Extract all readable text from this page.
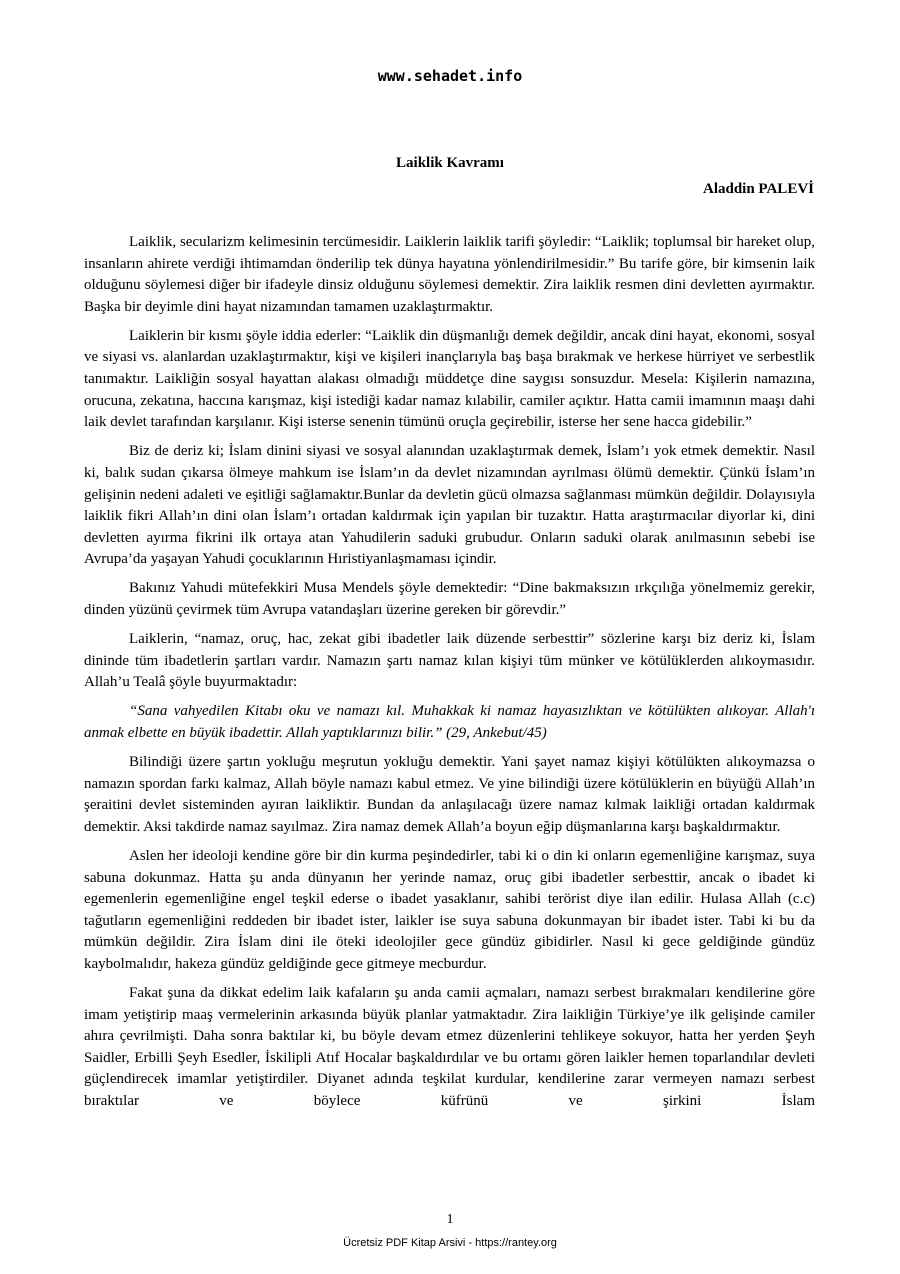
www.sehadet.info
Laiklik Kavramı
Aladdin PALEVİ

Laiklik, secularizm kelimesinin tercümesidir. Laiklerin laiklik tarifi şöyledir: “Laiklik; toplumsal bir hareket olup, insanların ahirete verdiği ihtimamdan önderilip tek dünya hayatına yönlendirilmesidir.” Bu tarife göre, bir kimsenin laik olduğunu söylemesi diğer bir ifadeyle dinsiz olduğunu söylemesi demektir. Zira laiklik resmen dini devletten ayırmaktır. Başka bir deyimle dini hayat nizamından tamamen uzaklaştırmaktır.

Laiklerin bir kısmı şöyle iddia ederler: “Laiklik din düşmanlığı demek değildir, ancak dini hayat, ekonomi, sosyal ve siyasi vs. alanlardan uzaklaştırmaktır, kişi ve kişileri inançlarıyla baş başa bırakmak ve herkese hürriyet ve serbestlik tanımaktır. Laikliğin sosyal hayattan alakası olmadığı müddetçe dine saygısı sonsuzdur. Mesela: Kişilerin namazına, orucuna, zekatına, haccına karışmaz, kişi istediği kadar namaz kılabilir, camiler açıktır. Hatta camii imamının maaşı dahi laik devlet tarafından karşılanır. Kişi isterse senenin tümünü oruçla geçirebilir, isterse her sene hacca gidebilir.”

Biz de deriz ki; İslam dinini siyasi ve sosyal alanından uzaklaştırmak demek, İslam’ı yok etmek demektir. Nasıl ki, balık sudan çıkarsa ölmeye mahkum ise İslam’ın da devlet nizamından ayrılması ölümü demektir. Çünkü İslam’ın gelişinin nedeni adaleti ve eşitliği sağlamaktır.Bunlar da devletin gücü olmazsa sağlanması mümkün değildir. Dolayısıyla laiklik fikri Allah’ın dini olan İslam’ı ortadan kaldırmak için yapılan bir tuzaktır. Hatta araştırmacılar diyorlar ki, dini devletten ayırma fikrini ilk ortaya atan Yahudilerin saduki grubudur. Onların saduki olarak anılmasının sebebi ise Avrupa’da yaşayan Yahudi çocuklarının Hıristiyanlaşmaması içindir.

Bakınız Yahudi mütefekkiri Musa Mendels şöyle demektedir: “Dine bakmaksızın ırkçılığa yönelmemiz gerekir, dinden yüzünü çevirmek tüm Avrupa vatandaşları üzerine gereken bir görevdir.”

Laiklerin, “namaz, oruç, hac, zekat gibi ibadetler laik düzende serbesttir” sözlerine karşı biz deriz ki, İslam dininde tüm ibadetlerin şartları vardır. Namazın şartı namaz kılan kişiyi tüm münker ve kötülüklerden alıkoymasıdır. Allah’u Tealâ şöyle buyurmaktadır:

“Sana vahyedilen Kitabı oku ve namazı kıl. Muhakkak ki namaz hayasızlıktan ve kötülükten alıkoyar. Allah'ı anmak elbette en büyük ibadettir. Allah yaptıklarınızı bilir.” (29, Ankebut/45)

Bilindiği üzere şartın yokluğu meşrutun yokluğu demektir. Yani şayet namaz kişiyi kötülükten alıkoymazsa o namazın spordan farkı kalmaz, Allah böyle namazı kabul etmez. Ve yine bilindiği üzere kötülüklerin en büyüğü Allah’ın şeraitini devlet sisteminden ayıran laikliktir. Bundan da anlaşılacağı üzere namaz kılmak laikliği ortadan kaldırmak demektir. Aksi takdirde namaz sayılmaz. Zira namaz demek Allah’a boyun eğip düşmanlarına karşı başkaldırmaktır.

Aslen her ideoloji kendine göre bir din kurma peşindedirler, tabi ki o din ki onların egemenliğine karışmaz, suya sabuna dokunmaz. Hatta şu anda dünyanın her yerinde namaz, oruç gibi ibadetler serbesttir, ancak o ibadet ki egemenlerin egemenliğine engel teşkil ederse o ibadet yasaklanır, sahibi terörist diye ilan edilir. Hulasa Allah (c.c) tağutların egemenliğini reddeden bir ibadet ister, laikler ise suya sabuna dokunmayan bir ibadet ister. Tabi ki bu da mümkün değildir. Zira İslam dini ile öteki ideolojiler gece gündüz gibidirler. Nasıl ki gece geldiğinde gündüz kaybolmalıdır, hakeza gündüz geldiğinde gece gitmeye mecburdur.

Fakat şuna da dikkat edelim laik kafaların şu anda camii açmaları, namazı serbest bırakmaları kendilerine göre imam yetiştirip maaş vermelerinin arkasında büyük planlar yatmaktadır. Zira laikliğin Türkiye’ye ilk gelişinde camiler ahıra çevrilmişti. Daha sonra baktılar ki, bu böyle devam etmez düzenlerini tehlikeye sokuyor, hatta her yerden Şeyh Saidler, Erbilli Şeyh Esedler, İskilipli Atıf Hocalar başkaldırdılar ve bu ortamı gören laikler hemen toparlandılar devleti güçlendirecek imamlar yetiştirdiler. Diyanet adında teşkilat kurdular, kendilerine zarar vermeyen namazı serbest bıraktılar ve böylece küfrünü ve şirkini İslam

1
Ücretsiz PDF Kitap Arsivi - https://rantey.org
